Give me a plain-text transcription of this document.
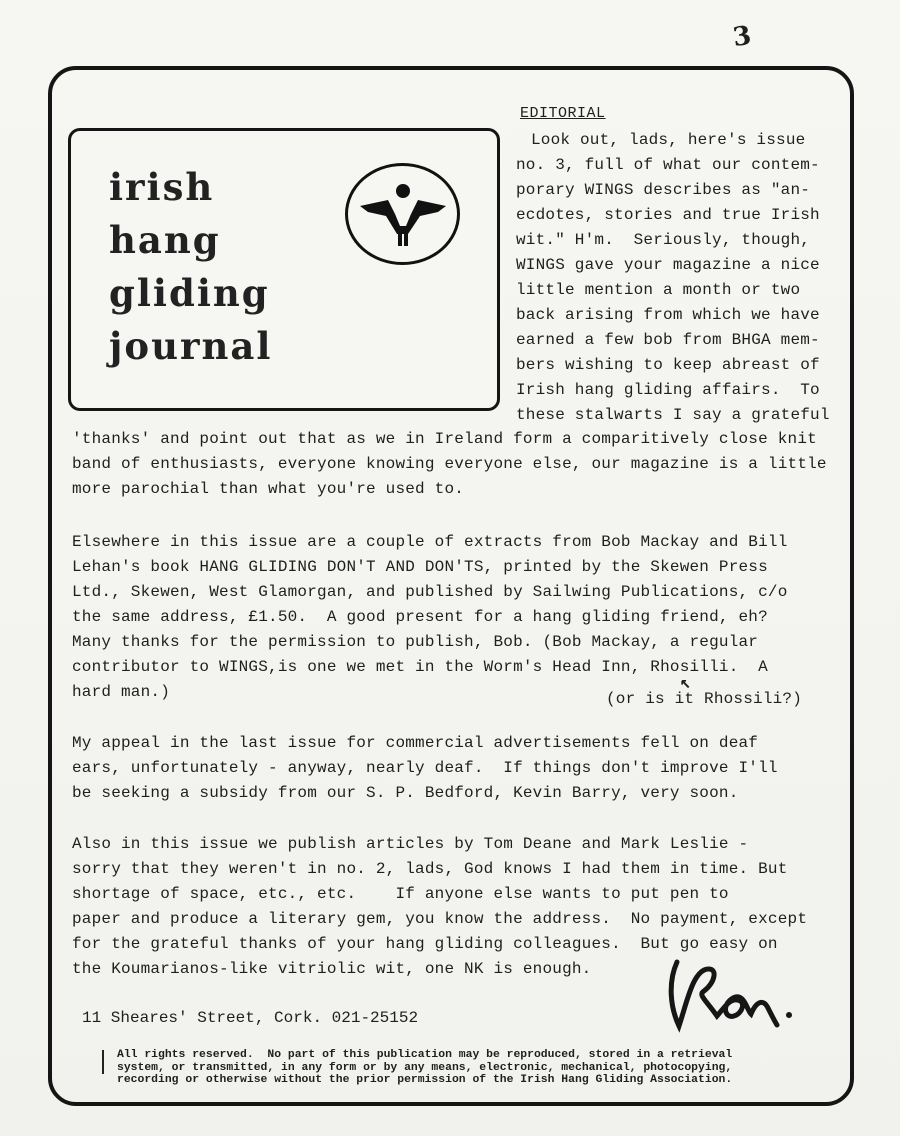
3
irish
hang
gliding
journal
EDITORIAL
Look out, lads, here's issue
no. 3, full of what our contem-
porary WINGS describes as "an-
ecdotes, stories and true Irish
wit." H'm.  Seriously, though,
WINGS gave your magazine a nice
little mention a month or two
back arising from which we have
earned a few bob from BHGA mem-
bers wishing to keep abreast of
Irish hang gliding affairs.  To
these stalwarts I say a grateful
'thanks' and point out that as we in Ireland form a comparitively close knit
band of enthusiasts, everyone knowing everyone else, our magazine is a little
more parochial than what you're used to.
Elsewhere in this issue are a couple of extracts from Bob Mackay and Bill
Lehan's book HANG GLIDING DON'T AND DON'TS, printed by the Skewen Press
Ltd., Skewen, West Glamorgan, and published by Sailwing Publications, c/o
the same address, £1.50.  A good present for a hang gliding friend, eh?
Many thanks for the permission to publish, Bob. (Bob Mackay, a regular
contributor to WINGS,is one we met in the Worm's Head Inn, Rhosilli.  A
hard man.)	↖
(or is it Rhossili?)
My appeal in the last issue for commercial advertisements fell on deaf
ears, unfortunately - anyway, nearly deaf.  If things don't improve I'll
be seeking a subsidy from our S. P. Bedford, Kevin Barry, very soon.
Also in this issue we publish articles by Tom Deane and Mark Leslie -
sorry that they weren't in no. 2, lads, God knows I had them in time. But
shortage of space, etc., etc.    If anyone else wants to put pen to
paper and produce a literary gem, you know the address.  No payment, except
for the grateful thanks of your hang gliding colleagues.  But go easy on
the Koumarianos-like vitriolic wit, one NK is enough.
11 Sheares' Street, Cork. 021-25152
All rights reserved.  No part of this publication may be reproduced, stored in a retrieval
system, or transmitted, in any form or by any means, electronic, mechanical, photocopying,
recording or otherwise without the prior permission of the Irish Hang Gliding Association.
